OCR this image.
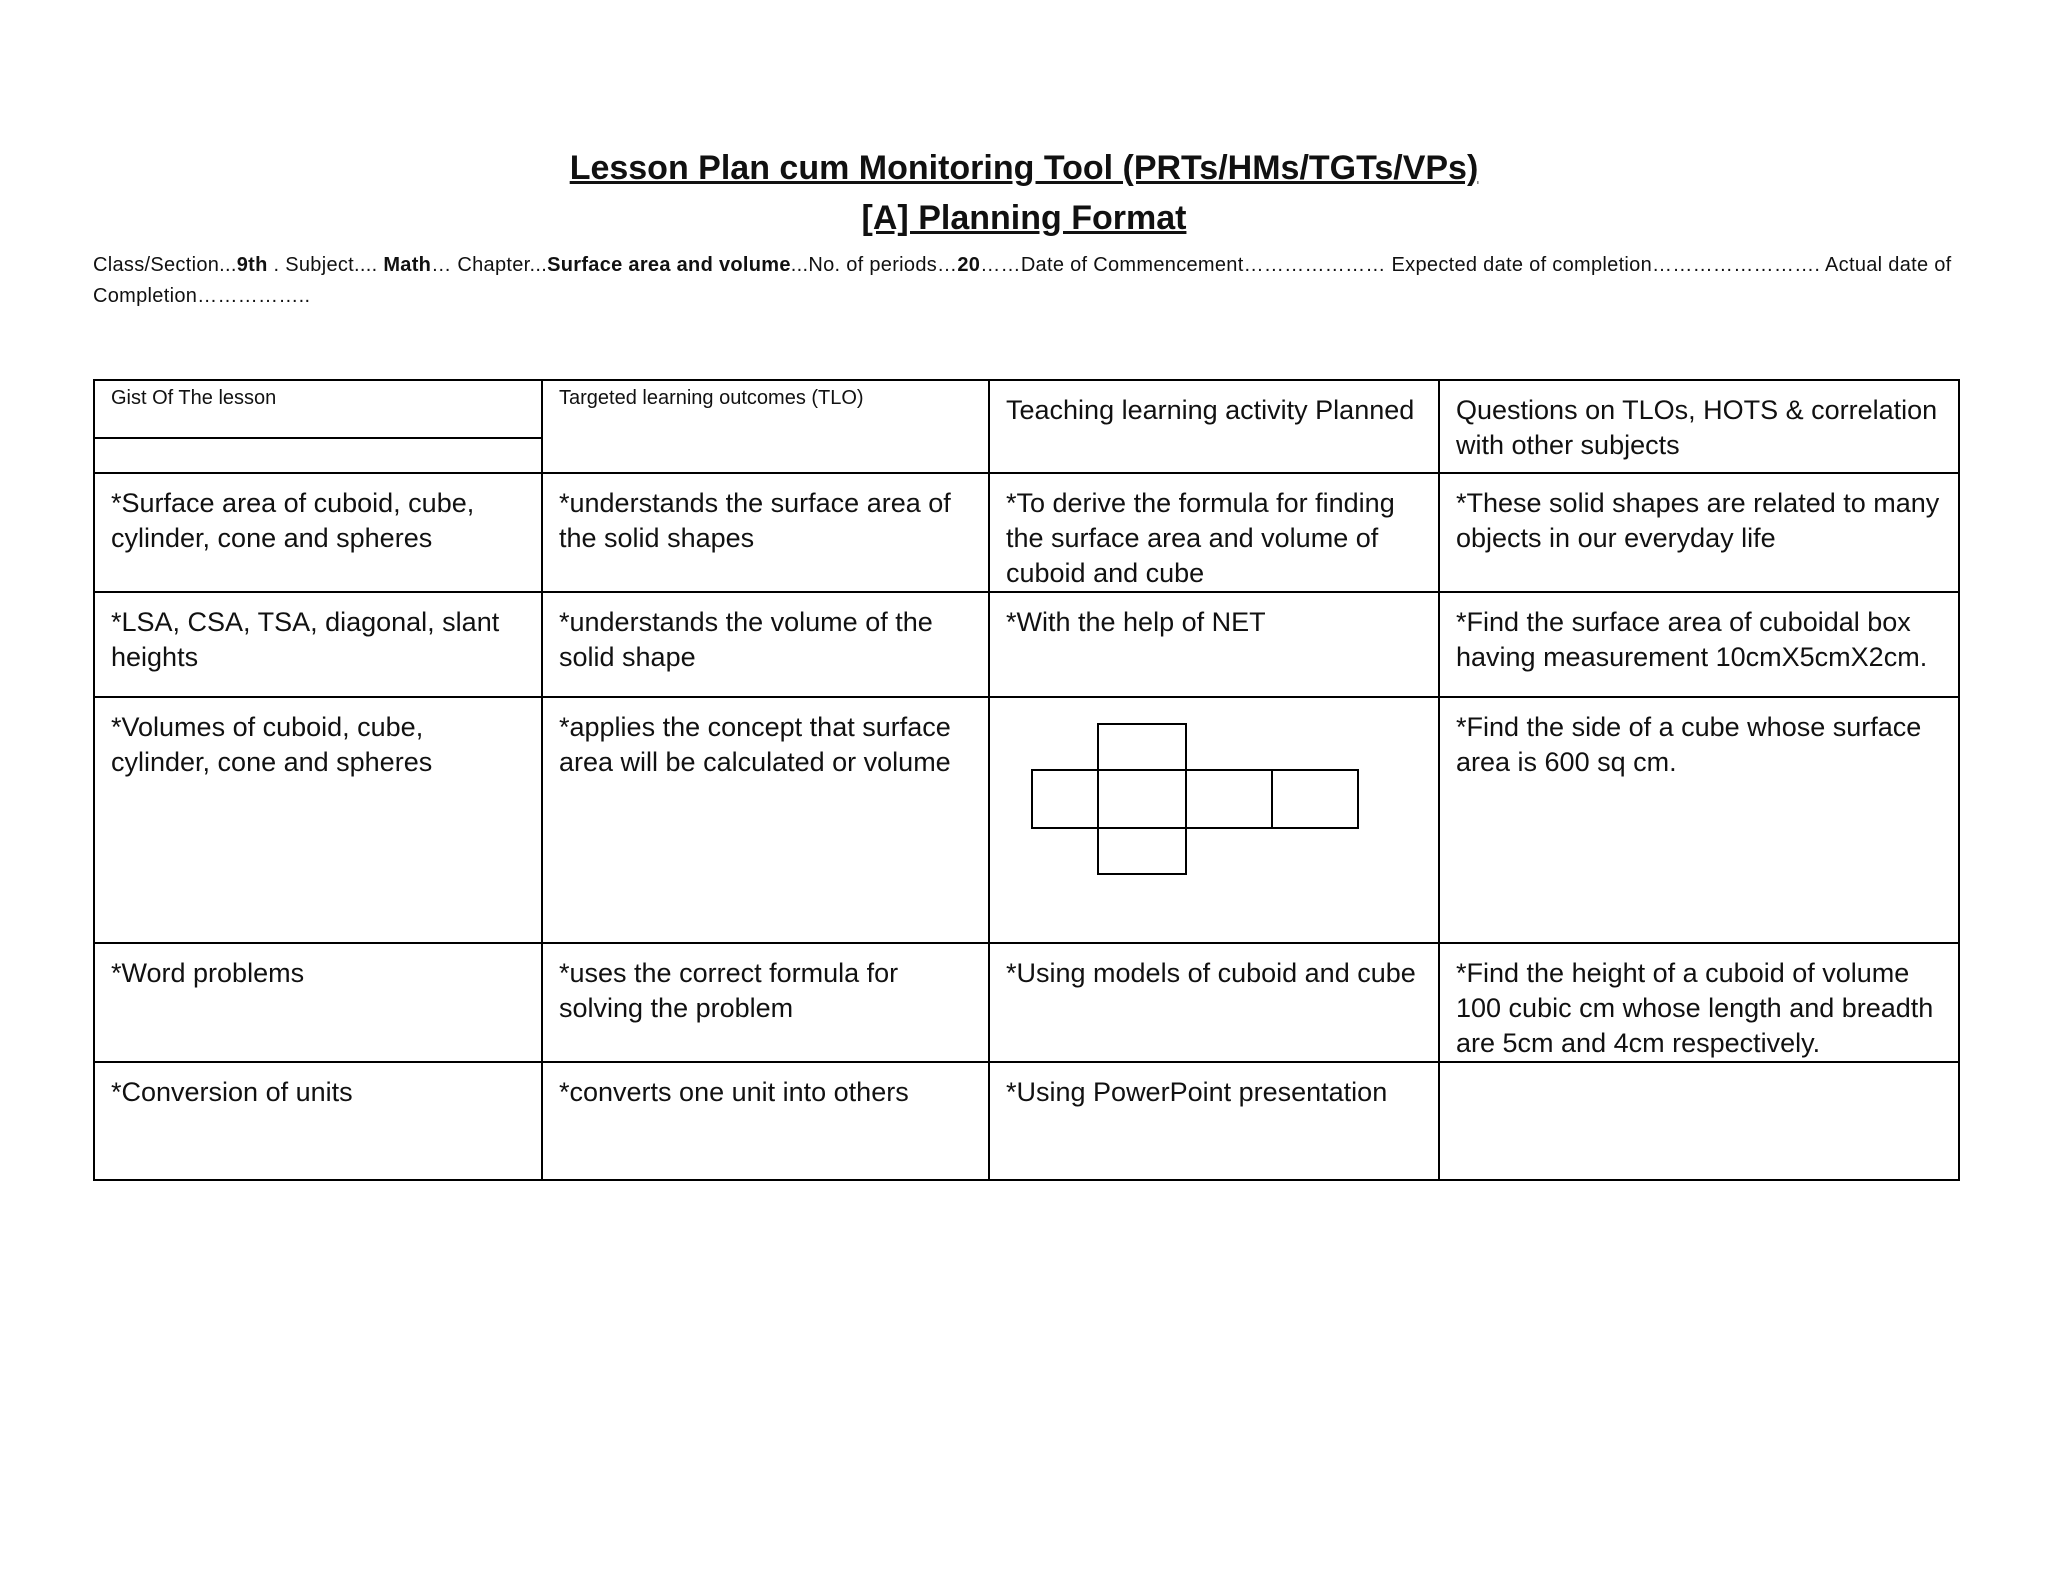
Lesson Plan cum Monitoring Tool (PRTs/HMs/TGTs/VPs)
[A] Planning Format
Class/Section...9th . Subject.... Math… Chapter...Surface area and volume...No. of periods…20……Date of Commencement………………… Expected date of completion……………………. Actual date of Completion……………..
Gist Of The lesson	Targeted learning outcomes (TLO)	Teaching learning activity Planned	Questions on TLOs, HOTS & correlation with other subjects

*Surface area of cuboid, cube, cylinder, cone and spheres	*understands the surface area of the solid shapes	*To derive the formula for finding the surface area and volume of cuboid and cube	*These solid shapes are related to many objects in our everyday life
*LSA, CSA, TSA, diagonal, slant heights	*understands the volume of the solid shape	*With the help of NET	*Find the surface area of cuboidal box having measurement 10cmX5cmX2cm.
*Volumes of cuboid, cube, cylinder, cone and spheres	*applies the concept that surface area will be calculated or volume		*Find the side of a cube whose surface area is 600 sq cm.
*Word problems	*uses the correct formula for solving the problem	*Using models of cuboid and cube	*Find the height of a cuboid of volume 100 cubic cm whose length and breadth are 5cm and 4cm respectively.
*Conversion of units	*converts one unit into others	*Using PowerPoint presentation	
